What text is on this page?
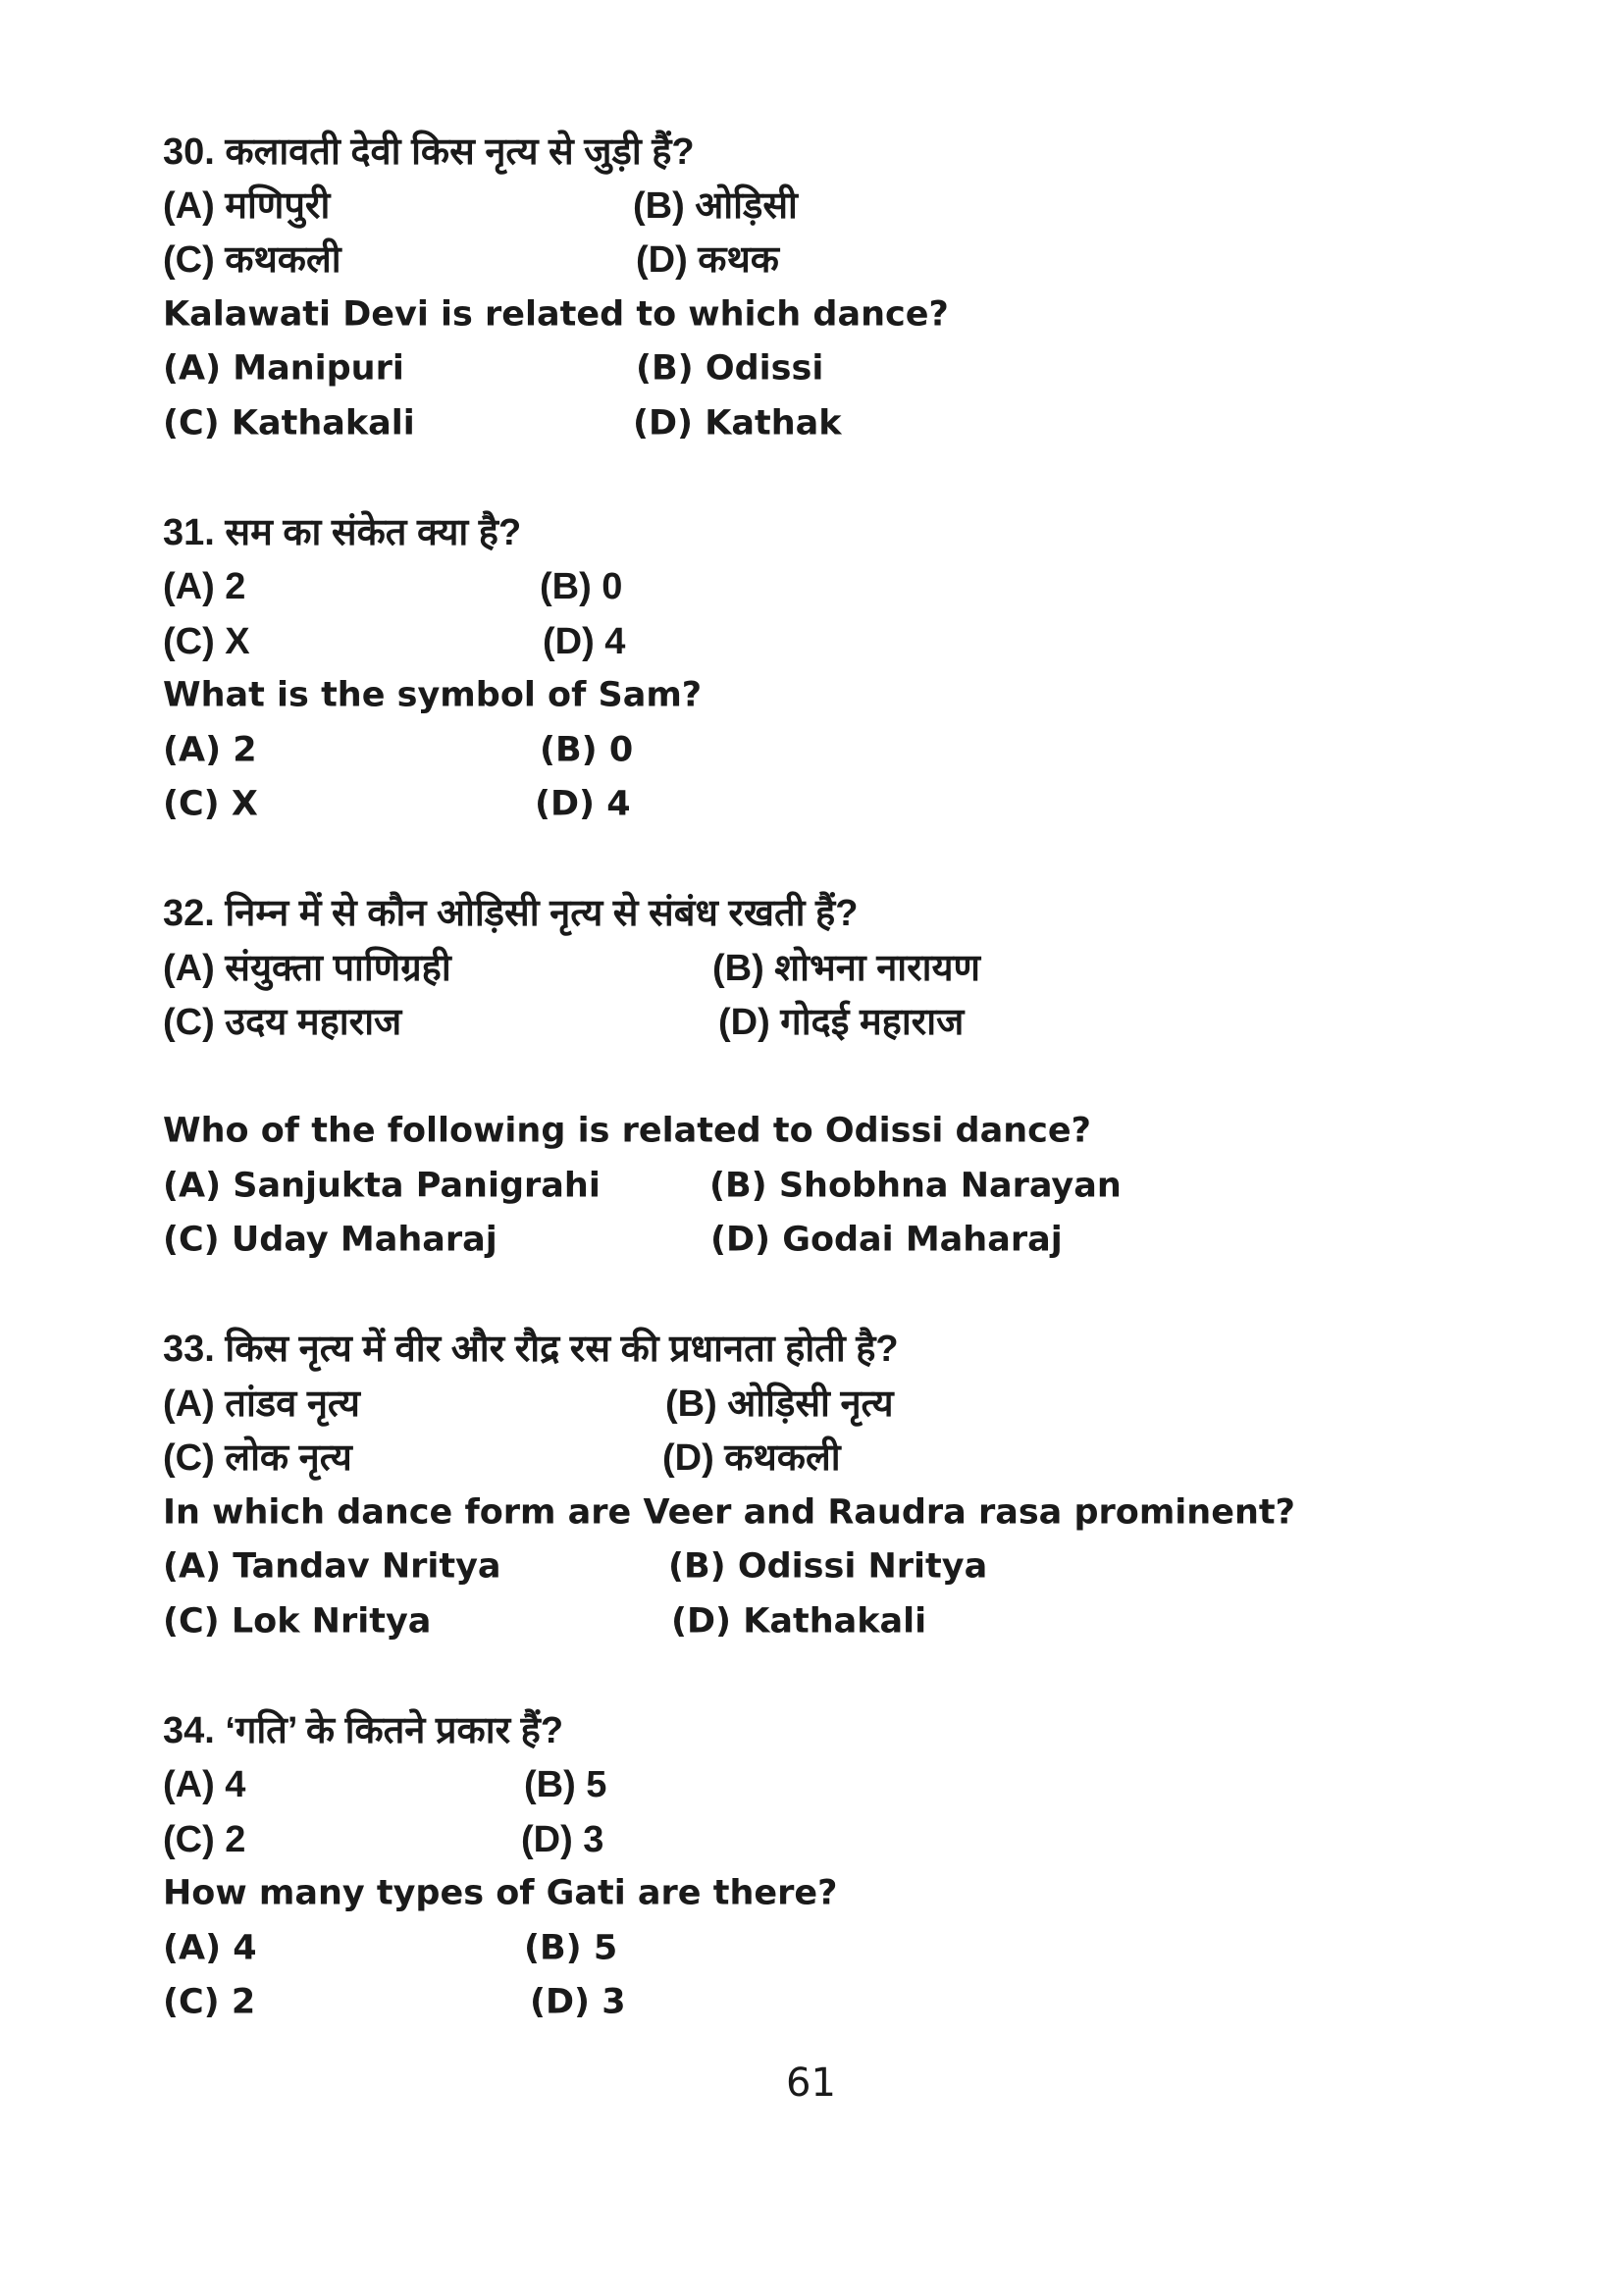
30. कलावती देवी किस नृत्य से जुड़ी हैं?
(A) मणिपुरी	(B) ओड़िसी
(C) कथकली	(D) कथक
Kalawati Devi is related to which dance?
(A) Manipuri	(B) Odissi
(C) Kathakali	(D) Kathak
31. सम का संकेत क्या है?
(A) 2	(B) 0
(C) X	(D) 4
What is the symbol of Sam?
(A) 2	(B) 0
(C) X	(D) 4
32. निम्न में से कौन ओड़िसी नृत्य से संबंध रखती हैं?
(A) संयुक्ता पाणिग्रही	(B) शोभना नारायण
(C) उदय महाराज	(D) गोदई महाराज
Who of the following is related to Odissi dance?
(A) Sanjukta Panigrahi	(B) Shobhna Narayan
(C) Uday Maharaj	(D) Godai Maharaj
33. किस नृत्य में वीर और रौद्र रस की प्रधानता होती है?
(A) तांडव नृत्य	(B) ओड़िसी नृत्य
(C) लोक नृत्य	(D) कथकली
In which dance form are Veer and Raudra rasa prominent?
(A) Tandav Nritya	(B) Odissi Nritya
(C) Lok Nritya	(D) Kathakali
34. ‘गति’ के कितने प्रकार हैं?
(A) 4	(B) 5
(C) 2	(D) 3
How many types of Gati are there?
(A) 4	(B) 5
(C) 2	(D) 3
61
